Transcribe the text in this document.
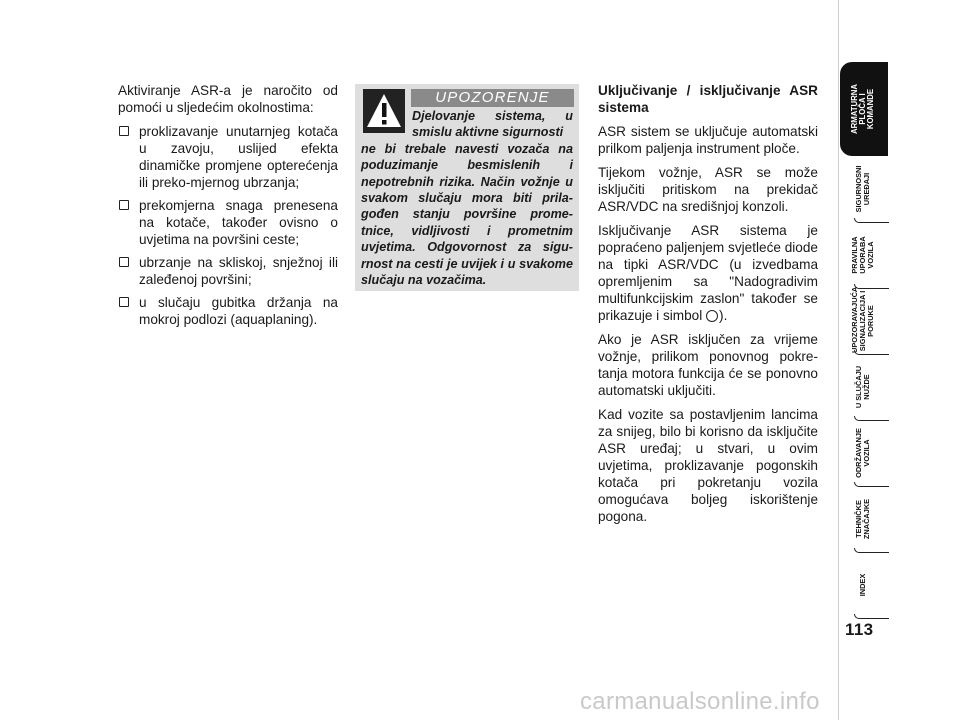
Aktiviranje ASR-a je naročito od pomoći u sljedećim okolnostima:

proklizavanje unutarnjeg kotača u zavoju, uslijed efekta dinamičke promjene opterećenja ili preko-mjernog ubrzanja;
prekomjerna snaga prenesena na kotače, također ovisno o uvjetima na površini ceste;
ubrzanje na skliskoj, snježnoj ili zaleđenoj površini;
u slučaju gubitka držanja na mokroj podlozi (aquaplaning).
UPOZORENJE
Djelovanje sistema, u smislu aktivne sigurnosti
ne bi trebale navesti vozača na poduzimanje besmislenih i nepotrebnih rizika. Način vožnje u svakom slučaju mora biti prila-gođen stanju površine prome-tnice, vidljivosti i prometnim uvjetima. Odgovornost za sigu-rnost na cesti je uvijek i u svakome slučaju na vozačima.

Uključivanje / isključivanje ASR sistema

ASR sistem se uključuje automatski prilkom paljenja instrument ploče.

Tijekom vožnje, ASR se može isključiti pritiskom na prekidač ASR/VDC na središnjoj konzoli.

Isključivanje ASR sistema je popraćeno paljenjem svjetleće diode na tipki ASR/VDC (u izvedbama opremljenim sa "Nadogradivim multifunkcijskim zaslon" također se prikazuje i simbol ).

Ako je ASR isključen za vrijeme vožnje, prilikom ponovnog pokre-tanja motora funkcija će se ponovno automatski uključiti.

Kad vozite sa postavljenim lancima za snijeg, bilo bi korisno da isključite ASR uređaj; u stvari, u ovim uvjetima, proklizavanje pogonskih kotača pri pokretanju vozila omogućava boljeg iskorištenje pogona.

ARMATURNA
PLOČA I
KOMANDE
SIGURNOSNI
UREĐAJI
PRAVILNA
UPORABA
VOZILA
UPOZORAVAJUĆA
SIGNALIZACIJA I
PORUKE
U SLUČAJU
NUŽDE
ODRŽAVANJE
VOZILA
TEHNIČKE
ZNAČAJKE
INDEX
113
carmanualsonline.info
